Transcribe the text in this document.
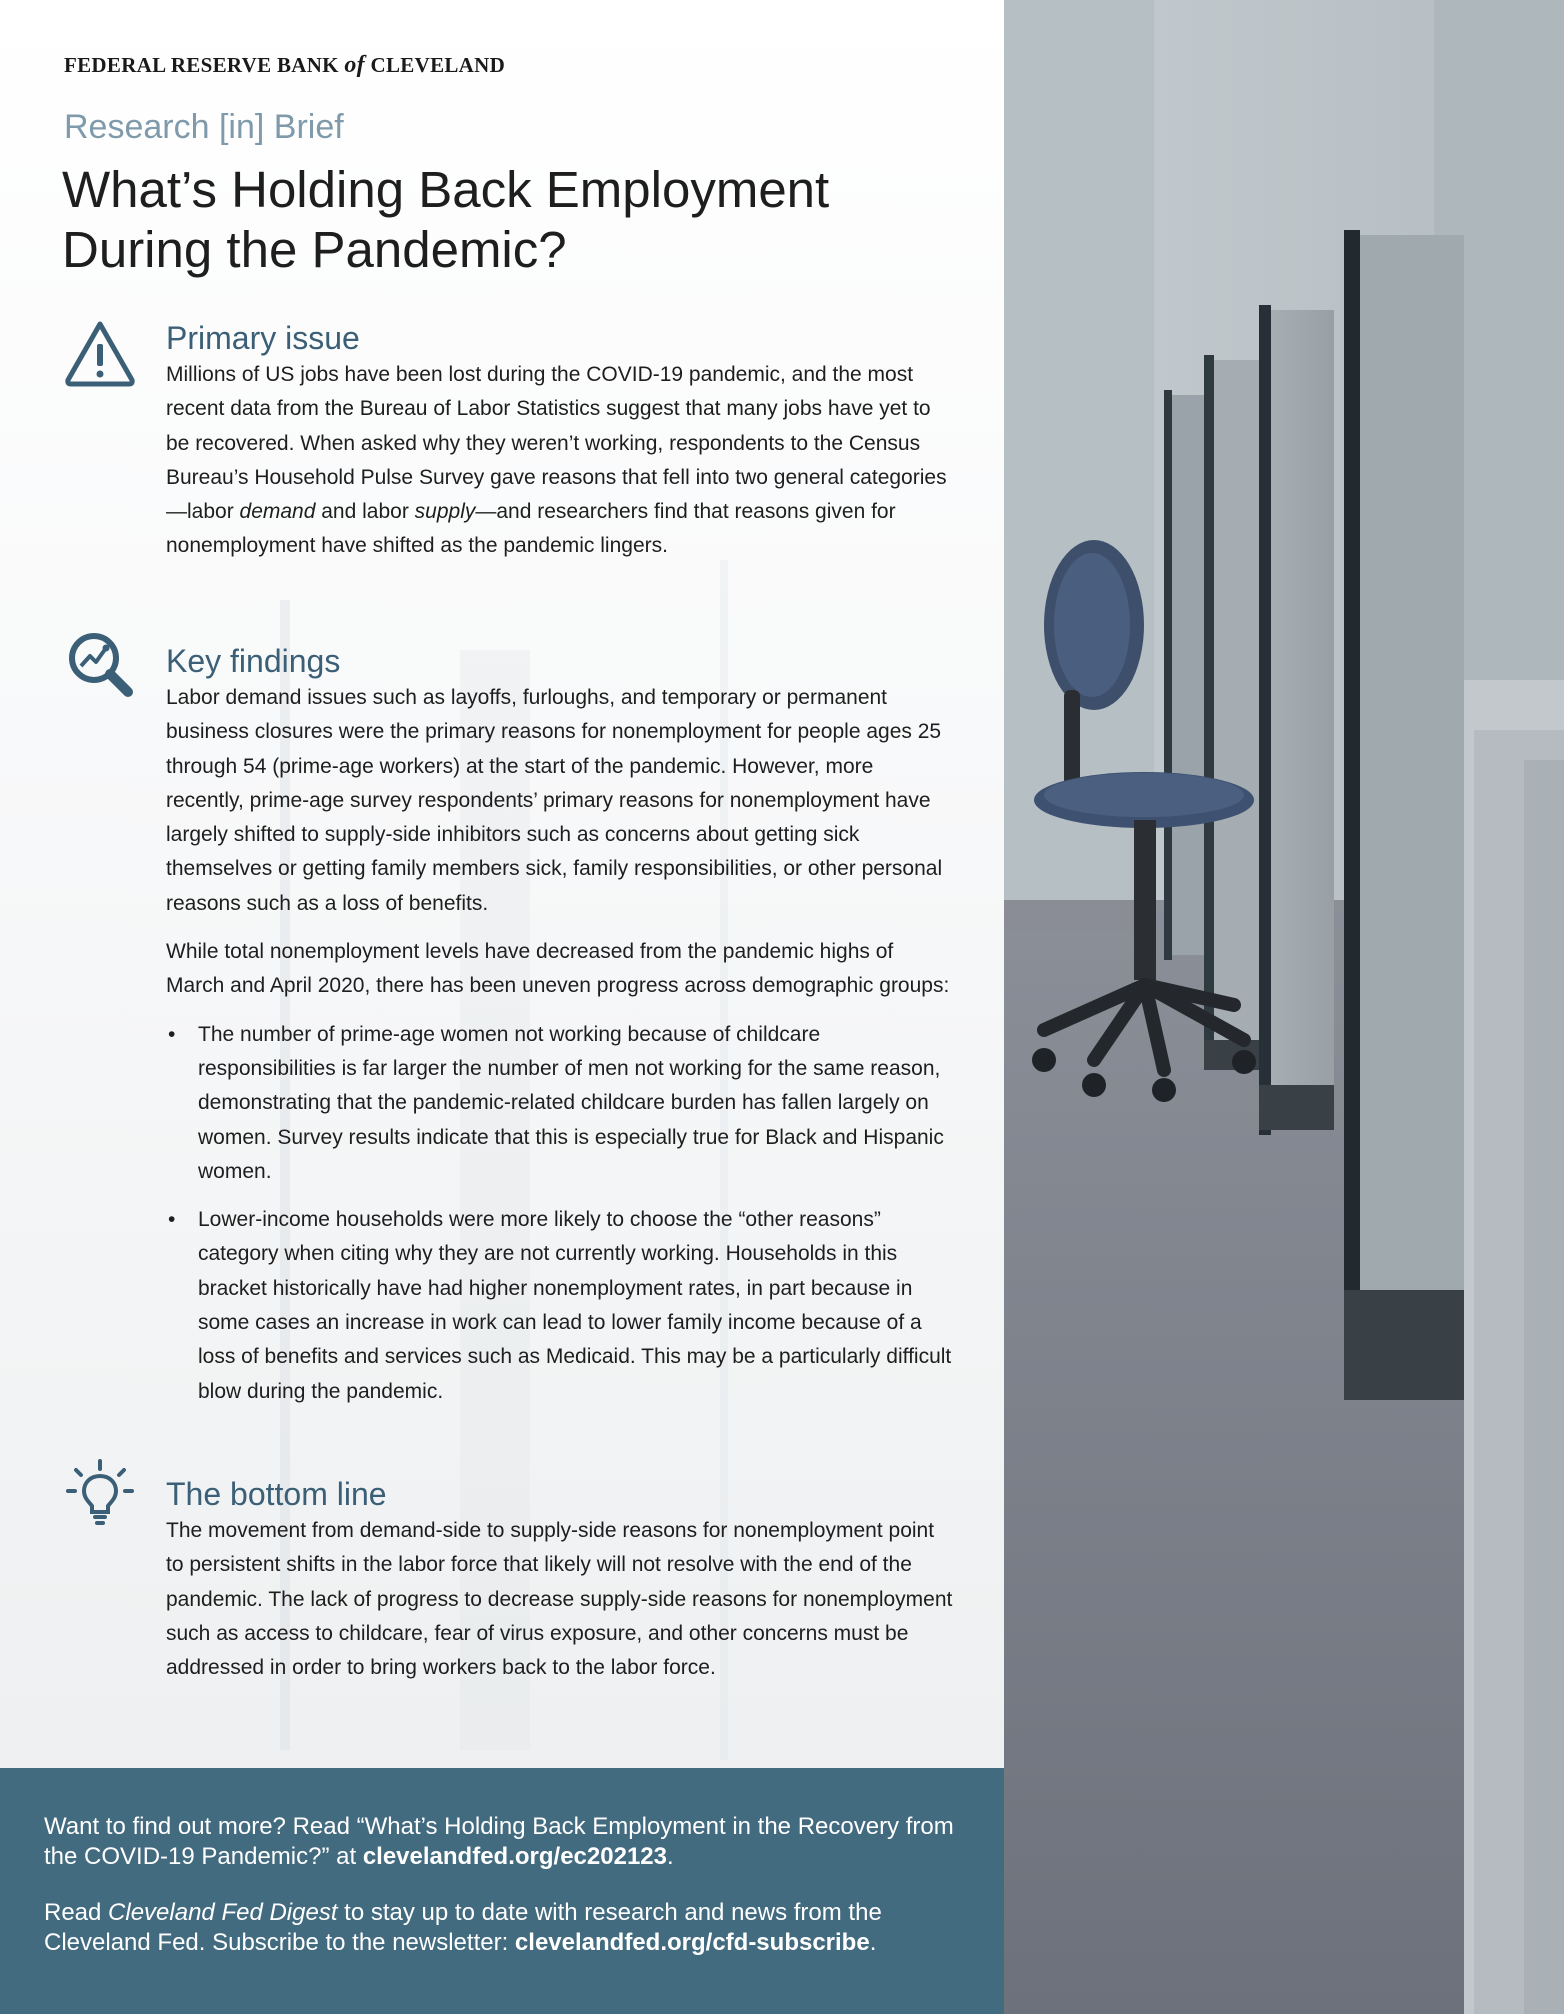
FEDERAL RESERVE BANK of CLEVELAND
Research [in] Brief
What’s Holding Back Employment During the Pandemic?
Primary issue

Millions of US jobs have been lost during the COVID-19 pandemic, and the most recent data from the Bureau of Labor Statistics suggest that many jobs have yet to be recovered. When asked why they weren’t working, respondents to the Census Bureau’s Household Pulse Survey gave reasons that fell into two general categories—labor demand and labor supply—and researchers find that reasons given for nonemployment have shifted as the pandemic lingers.

Key findings

Labor demand issues such as layoffs, furloughs, and temporary or permanent business closures were the primary reasons for nonemployment for people ages 25 through 54 (prime-age workers) at the start of the pandemic. However, more recently, prime-age survey respondents’ primary reasons for nonemployment have largely shifted to supply-side inhibitors such as concerns about getting sick themselves or getting family members sick, family responsibilities, or other personal reasons such as a loss of benefits.

While total nonemployment levels have decreased from the pandemic highs of March and April 2020, there has been uneven progress across demographic groups:

• The number of prime-age women not working because of childcare responsibilities is far larger the number of men not working for the same reason, demonstrating that the pandemic-related childcare burden has fallen largely on women. Survey results indicate that this is especially true for Black and Hispanic women.
• Lower-income households were more likely to choose the “other reasons” category when citing why they are not currently working. Households in this bracket historically have had higher nonemployment rates, in part because in some cases an increase in work can lead to lower family income because of a loss of benefits and services such as Medicaid. This may be a particularly difficult blow during the pandemic.
The bottom line

The movement from demand-side to supply-side reasons for nonemployment point to persistent shifts in the labor force that likely will not resolve with the end of the pandemic. The lack of progress to decrease supply-side reasons for nonemployment such as access to childcare, fear of virus exposure, and other concerns must be addressed in order to bring workers back to the labor force.

Want to find out more? Read “What’s Holding Back Employment in the Recovery from the COVID-19 Pandemic?” at clevelandfed.org/ec202123.

Read Cleveland Fed Digest to stay up to date with research and news from the Cleveland Fed. Subscribe to the newsletter: clevelandfed.org/cfd-subscribe.
